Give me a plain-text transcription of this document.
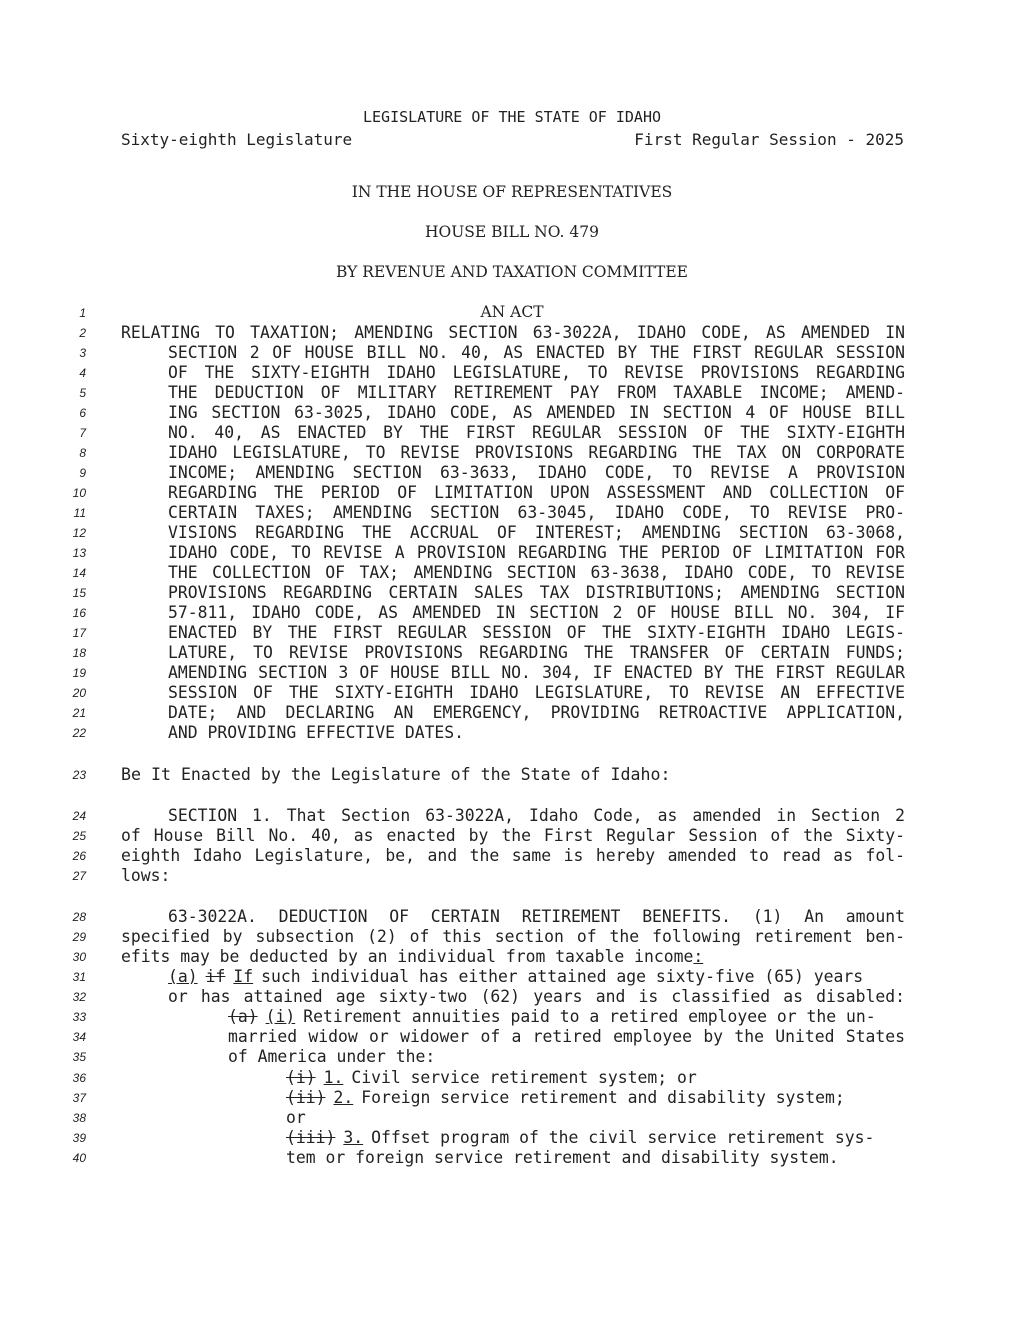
LEGISLATURE OF THE STATE OF IDAHO
Sixty-eighth Legislature	First Regular Session - 2025
IN THE HOUSE OF REPRESENTATIVES
HOUSE BILL NO. 479
BY REVENUE AND TAXATION COMMITTEE
1
2
3
4
5
6
7
8
9
10
11
12
13
14
15
16
17
18
19
20
21
22
23
24
25
26
27
28
29
30
31
32
33
34
35
36
37
38
39
40
AN ACT
RELATING TO TAXATION; AMENDING SECTION 63-3022A, IDAHO CODE, AS AMENDED IN
SECTION 2 OF HOUSE BILL NO. 40, AS ENACTED BY THE FIRST REGULAR SESSION
OF THE SIXTY-EIGHTH IDAHO LEGISLATURE, TO REVISE PROVISIONS REGARDING
THE DEDUCTION OF MILITARY RETIREMENT PAY FROM TAXABLE INCOME; AMEND-
ING SECTION 63-3025, IDAHO CODE, AS AMENDED IN SECTION 4 OF HOUSE BILL
NO. 40, AS ENACTED BY THE FIRST REGULAR SESSION OF THE SIXTY-EIGHTH
IDAHO LEGISLATURE, TO REVISE PROVISIONS REGARDING THE TAX ON CORPORATE
INCOME; AMENDING SECTION 63-3633, IDAHO CODE, TO REVISE A PROVISION
REGARDING THE PERIOD OF LIMITATION UPON ASSESSMENT AND COLLECTION OF
CERTAIN TAXES; AMENDING SECTION 63-3045, IDAHO CODE, TO REVISE PRO-
VISIONS REGARDING THE ACCRUAL OF INTEREST; AMENDING SECTION 63-3068,
IDAHO CODE, TO REVISE A PROVISION REGARDING THE PERIOD OF LIMITATION FOR
THE COLLECTION OF TAX; AMENDING SECTION 63-3638, IDAHO CODE, TO REVISE
PROVISIONS REGARDING CERTAIN SALES TAX DISTRIBUTIONS; AMENDING SECTION
57-811, IDAHO CODE, AS AMENDED IN SECTION 2 OF HOUSE BILL NO. 304, IF
ENACTED BY THE FIRST REGULAR SESSION OF THE SIXTY-EIGHTH IDAHO LEGIS-
LATURE, TO REVISE PROVISIONS REGARDING THE TRANSFER OF CERTAIN FUNDS;
AMENDING SECTION 3 OF HOUSE BILL NO. 304, IF ENACTED BY THE FIRST REGULAR
SESSION OF THE SIXTY-EIGHTH IDAHO LEGISLATURE, TO REVISE AN EFFECTIVE
DATE; AND DECLARING AN EMERGENCY, PROVIDING RETROACTIVE APPLICATION,
AND PROVIDING EFFECTIVE DATES.
Be It Enacted by the Legislature of the State of Idaho:
SECTION 1. That Section 63-3022A, Idaho Code, as amended in Section 2
of House Bill No. 40, as enacted by the First Regular Session of the Sixty-
eighth Idaho Legislature, be, and the same is hereby amended to read as fol-
lows:
63-3022A. DEDUCTION OF CERTAIN RETIREMENT BENEFITS. (1) An amount
specified by subsection (2) of this section of the following retirement ben-
efits may be deducted by an individual from taxable income:
(a) if If such individual has either attained age sixty-five (65) years
or has attained age sixty-two (62) years and is classified as disabled:
(a) (i) Retirement annuities paid to a retired employee or the un-
married widow or widower of a retired employee by the United States
of America under the:
(i) 1. Civil service retirement system; or
(ii) 2. Foreign service retirement and disability system;
or
(iii) 3. Offset program of the civil service retirement sys-
tem or foreign service retirement and disability system.
